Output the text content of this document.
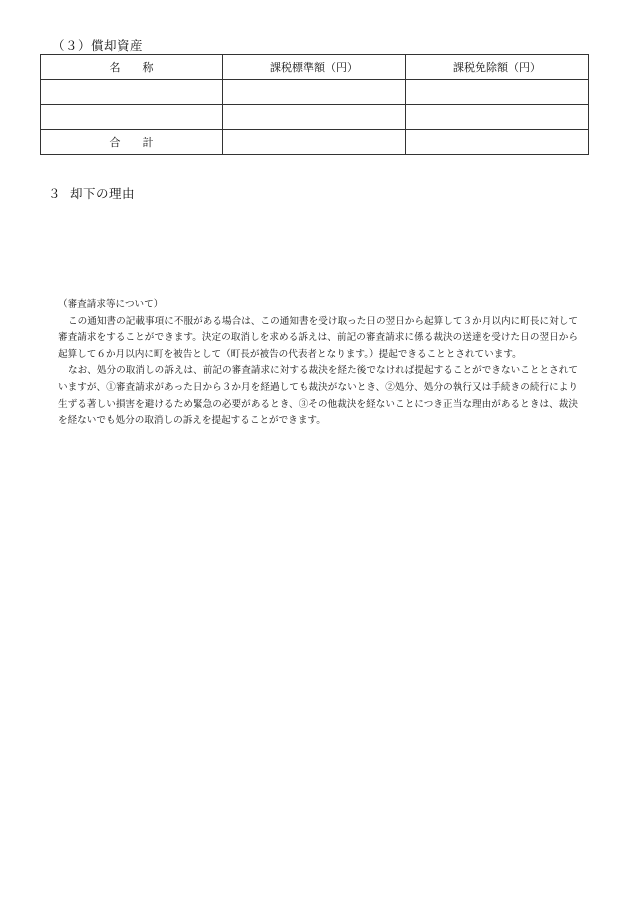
（３）償却資産
名　　称	課税標準額（円）	課税免除額（円）

合　　計		
３ 却下の理由

（審査請求等について）

この通知書の記載事項に不服がある場合は、この通知書を受け取った日の翌日から起算して３か月以内に町長に対して審査請求をすることができます。決定の取消しを求める訴えは、前記の審査請求に係る裁決の送達を受けた日の翌日から起算して６か月以内に町を被告として（町長が被告の代表者となります。）提起できることとされています。

なお、処分の取消しの訴えは、前記の審査請求に対する裁決を経た後でなければ提起することができないこととされていますが、①審査請求があった日から３か月を経過しても裁決がないとき、②処分、処分の執行又は手続きの続行により生ずる著しい損害を避けるため緊急の必要があるとき、③その他裁決を経ないことにつき正当な理由があるときは、裁決を経ないでも処分の取消しの訴えを提起することができます。
